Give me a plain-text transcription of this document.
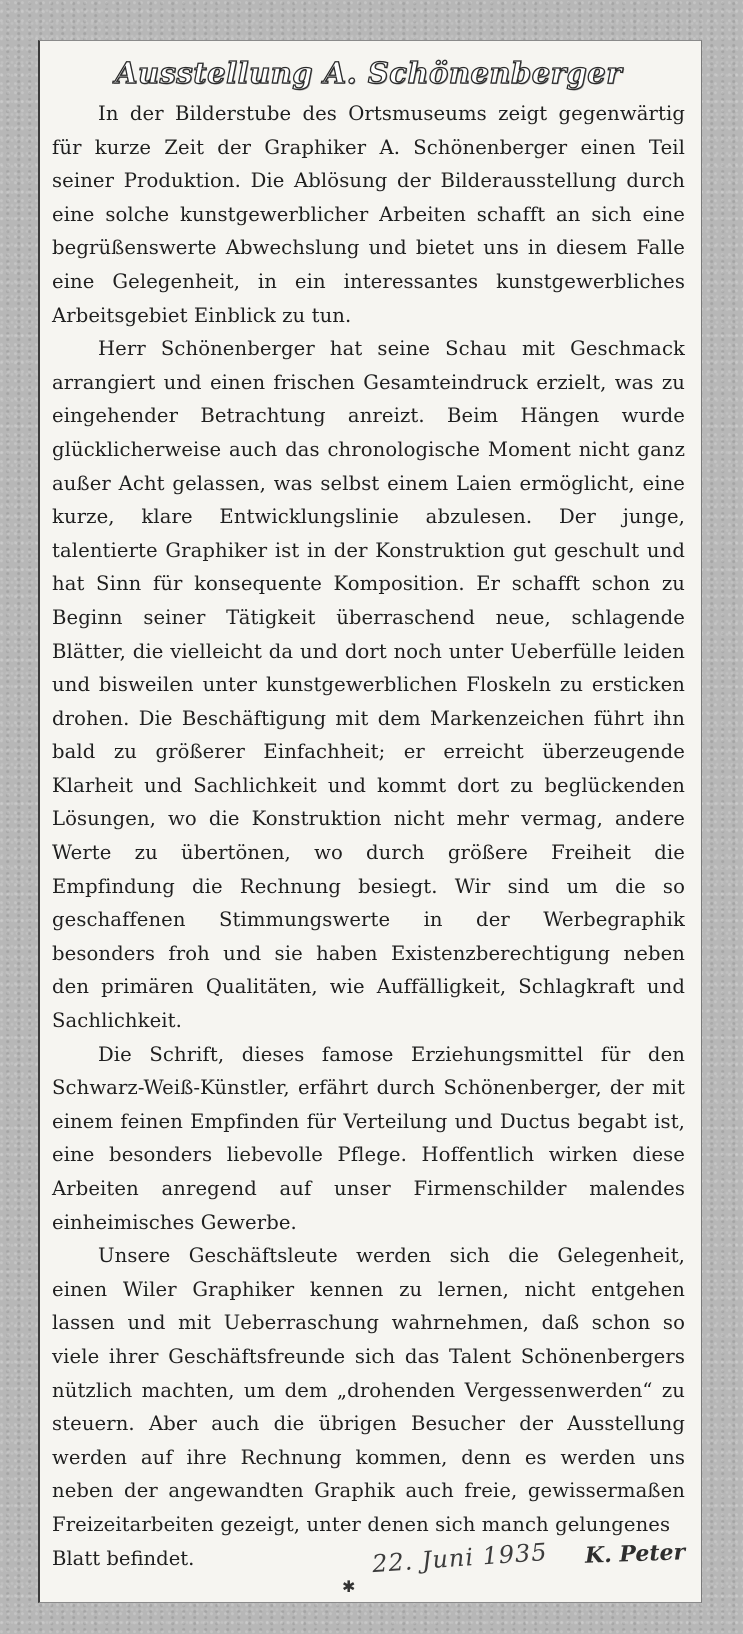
Ausstellung A. Schönenberger

In der Bilderstube des Ortsmuseums zeigt gegenwärtig für kurze Zeit der Graphiker A. Schönenberger einen Teil seiner Produktion. Die Ablösung der Bilderausstellung durch eine solche kunstgewerblicher Arbeiten schafft an sich eine begrüßenswerte Abwechslung und bietet uns in diesem Falle eine Gelegenheit, in ein interessantes kunstgewerbliches Arbeitsgebiet Einblick zu tun.

Herr Schönenberger hat seine Schau mit Geschmack arrangiert und einen frischen Gesamteindruck erzielt, was zu eingehender Betrachtung anreizt. Beim Hängen wurde glücklicherweise auch das chronologische Moment nicht ganz außer Acht gelassen, was selbst einem Laien ermöglicht, eine kurze, klare Entwicklungslinie abzulesen. Der junge, talentierte Graphiker ist in der Konstruktion gut geschult und hat Sinn für konsequente Komposition. Er schafft schon zu Beginn seiner Tätigkeit überraschend neue, schlagende Blätter, die vielleicht da und dort noch unter Ueberfülle leiden und bisweilen unter kunstgewerblichen Floskeln zu ersticken drohen. Die Beschäftigung mit dem Markenzeichen führt ihn bald zu größerer Einfachheit; er erreicht überzeugende Klarheit und Sachlichkeit und kommt dort zu beglückenden Lösungen, wo die Konstruktion nicht mehr vermag, andere Werte zu übertönen, wo durch größere Freiheit die Empfindung die Rechnung besiegt. Wir sind um die so geschaffenen Stimmungswerte in der Werbegraphik besonders froh und sie haben Existenzberechtigung neben den primären Qualitäten, wie Auffälligkeit, Schlagkraft und Sachlichkeit.

Die Schrift, dieses famose Erziehungsmittel für den Schwarz-Weiß-Künstler, erfährt durch Schönenberger, der mit einem feinen Empfinden für Verteilung und Ductus begabt ist, eine besonders liebevolle Pflege. Hoffentlich wirken diese Arbeiten anregend auf unser Firmenschilder malendes einheimisches Gewerbe.

Unsere Geschäftsleute werden sich die Gelegenheit, einen Wiler Graphiker kennen zu lernen, nicht entgehen lassen und mit Ueberraschung wahrnehmen, daß schon so viele ihrer Geschäftsfreunde sich das Talent Schönenbergers nützlich machten, um dem „drohenden Vergessenwerden“ zu steuern. Aber auch die übrigen Besucher der Ausstellung werden auf ihre Rechnung kommen, denn es werden uns neben der angewandten Graphik auch freie, gewissermaßen Freizeitarbeiten gezeigt, unter denen sich manch gelungenes

Blatt befindet.	22. Juni 1935 K. Peter
✱
